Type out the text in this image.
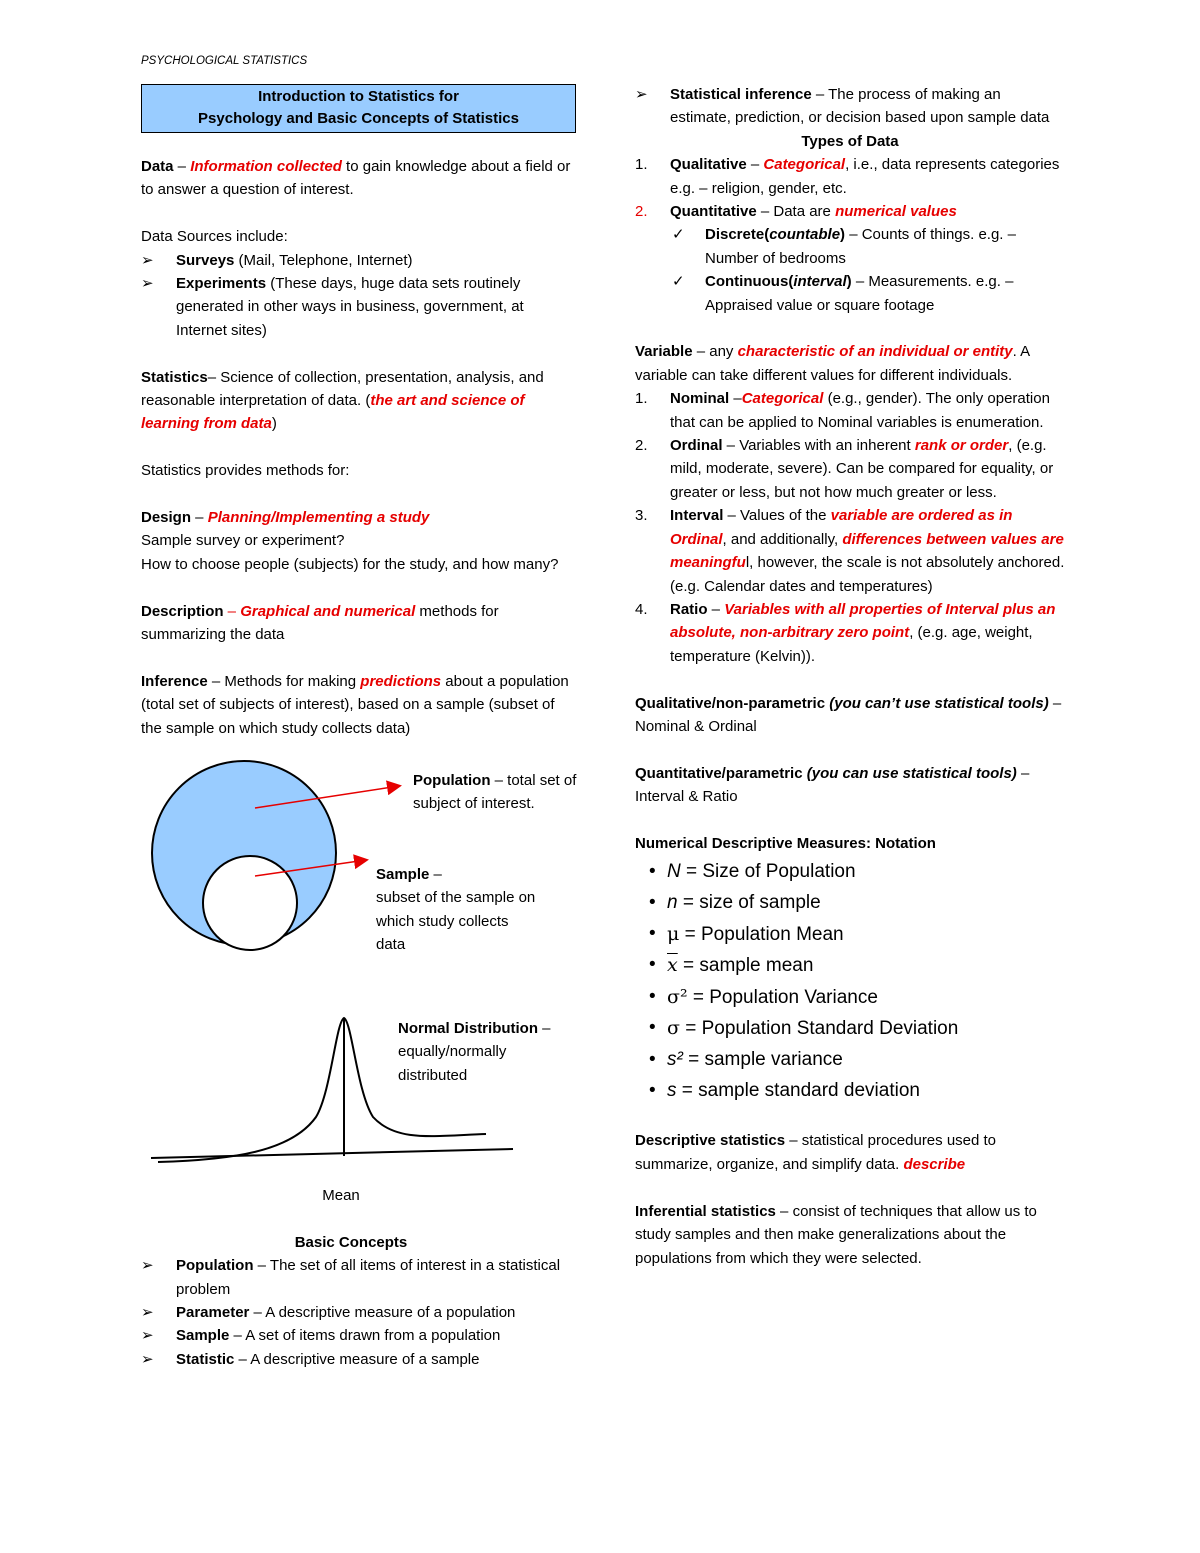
PSYCHOLOGICAL STATISTICS
Introduction to Statistics for
Psychology and Basic Concepts of Statistics

Data – Information collected to gain knowledge about a field or to answer a question of interest.

Data Sources include:

➢	Surveys (Mail, Telephone, Internet)
➢	Experiments (These days, huge data sets routinely generated in other ways in business, government, at Internet sites)

Statistics– Science of collection, presentation, analysis, and reasonable interpretation of data. (the art and science of learning from data)

Statistics provides methods for:

Design – Planning/Implementing a study

Sample survey or experiment?

How to choose people (subjects) for the study, and how many?

Description – Graphical and numerical methods for summarizing the data

Inference – Methods for making predictions about a population (total set of subjects of interest), based on a sample (subset of the sample on which study collects data)

Population – total set of subject of interest.
Sample –
subset of the sample on which study collects data
Normal Distribution –
equally/normally distributed

Mean

Basic Concepts

➢	Population – The set of all items of interest in a statistical problem
➢	Parameter – A descriptive measure of a population
➢	Sample – A set of items drawn from a population
➢	Statistic – A descriptive measure of a sample
➢	Statistical inference – The process of making an estimate, prediction, or decision based upon sample data

Types of Data

1.	Qualitative – Categorical, i.e., data represents categories
e.g. – religion, gender, etc.
2.	Quantitative – Data are numerical values
✓ Discrete(countable) – Counts of things. e.g. – Number of bedrooms
✓ Continuous(interval) – Measurements. e.g. – Appraised value or square footage

Variable – any characteristic of an individual or entity. A variable can take different values for different individuals.

1.	Nominal –Categorical (e.g., gender). The only operation that can be applied to Nominal variables is enumeration.
2.	Ordinal – Variables with an inherent rank or order, (e.g. mild, moderate, severe). Can be compared for equality, or greater or less, but not how much greater or less.
3.	Interval – Values of the variable are ordered as in Ordinal, and additionally, differences between values are meaningful, however, the scale is not absolutely anchored. (e.g. Calendar dates and temperatures)
4.	Ratio – Variables with all properties of Interval plus an absolute, non-arbitrary zero point, (e.g. age, weight, temperature (Kelvin)).

Qualitative/non-parametric (you can’t use statistical tools) – Nominal & Ordinal

Quantitative/parametric (you can use statistical tools) – Interval & Ratio

Numerical Descriptive Measures: Notation

• N = Size of Population
• n = size of sample
• μ = Population Mean
• $\overline{x}$ = sample mean
• σ² = Population Variance
• σ = Population Standard Deviation
• s² = sample variance
• s = sample standard deviation

Descriptive statistics – statistical procedures used to summarize, organize, and simplify data. describe

Inferential statistics – consist of techniques that allow us to study samples and then make generalizations about the populations from which they were selected.
